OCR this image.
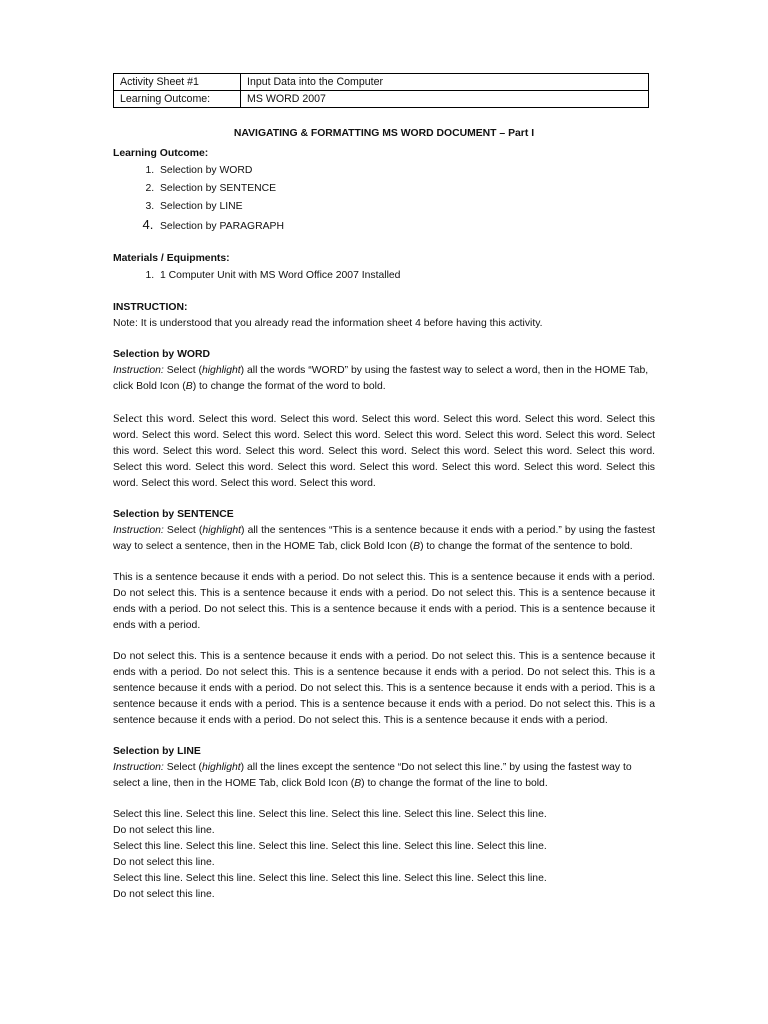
Activity Sheet #1	Input Data into the Computer
Learning Outcome:	MS WORD 2007
NAVIGATING & FORMATTING MS WORD DOCUMENT – Part I
Learning Outcome:
1. Selection by WORD
2. Selection by SENTENCE
3. Selection by LINE
4. Selection by PARAGRAPH
Materials / Equipments:
1. 1 Computer Unit with MS Word Office 2007 Installed
INSTRUCTION:

Note: It is understood that you already read the information sheet 4 before having this activity.

Selection by WORD

Instruction: Select (highlight) all the words “WORD” by using the fastest way to select a word, then in the HOME Tab, click Bold Icon (B) to change the format of the word to bold.

Select this word. Select this word. Select this word. Select this word. Select this word. Select this word. Select this word. Select this word. Select this word. Select this word. Select this word. Select this word. Select this word. Select this word. Select this word. Select this word. Select this word. Select this word. Select this word. Select this word. Select this word. Select this word. Select this word. Select this word. Select this word. Select this word. Select this word. Select this word. Select this word. Select this word.

Selection by SENTENCE

Instruction: Select (highlight) all the sentences “This is a sentence because it ends with a period.” by using the fastest way to select a sentence, then in the HOME Tab, click Bold Icon (B) to change the format of the sentence to bold.

This is a sentence because it ends with a period. Do not select this. This is a sentence because it ends with a period. Do not select this. This is a sentence because it ends with a period. Do not select this. This is a sentence because it ends with a period. Do not select this. This is a sentence because it ends with a period. This is a sentence because it ends with a period.

Do not select this. This is a sentence because it ends with a period. Do not select this. This is a sentence because it ends with a period. Do not select this. This is a sentence because it ends with a period. Do not select this. This is a sentence because it ends with a period. Do not select this. This is a sentence because it ends with a period. This is a sentence because it ends with a period. This is a sentence because it ends with a period. Do not select this. This is a sentence because it ends with a period. Do not select this. This is a sentence because it ends with a period.

Selection by LINE

Instruction: Select (highlight) all the lines except the sentence “Do not select this line.” by using the fastest way to select a line, then in the HOME Tab, click Bold Icon (B) to change the format of the line to bold.

Select this line. Select this line. Select this line. Select this line. Select this line. Select this line.

Do not select this line.

Select this line. Select this line. Select this line. Select this line. Select this line. Select this line.

Do not select this line.

Select this line. Select this line. Select this line. Select this line. Select this line. Select this line.

Do not select this line.
